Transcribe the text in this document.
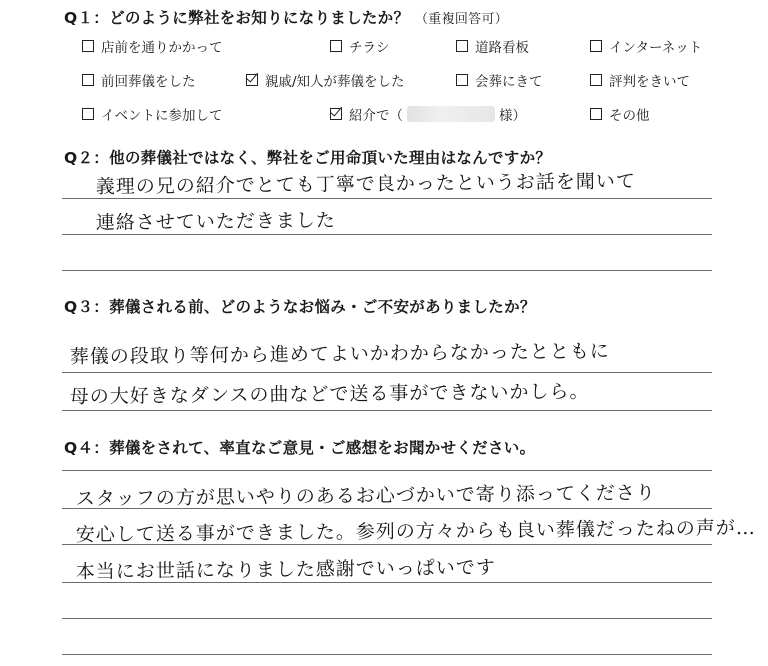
Q１：どのように弊社をお知りになりましたか？ （重複回答可）
店前を通りかかって	チラシ	道路看板	インターネット
前回葬儀をした	親戚/知人が葬儀をした	会葬にきて	評判をきいて
イベントに参加して	紹介で（	様）	その他
Q２：他の葬儀社ではなく、弊社をご用命頂いた理由はなんですか？
義理の兄の紹介でとても丁寧で良かったというお話を聞いて
連絡させていただきました
Q３：葬儀される前、どのようなお悩み・ご不安がありましたか？
葬儀の段取り等何から進めてよいかわからなかったとともに
母の大好きなダンスの曲などで送る事ができないかしら。
Q４：葬儀をされて、率直なご意見・ご感想をお聞かせください。
スタッフの方が思いやりのあるお心づかいで寄り添ってくださり
安心して送る事ができました。参列の方々からも良い葬儀だったねの声が…
本当にお世話になりました感謝でいっぱいです
